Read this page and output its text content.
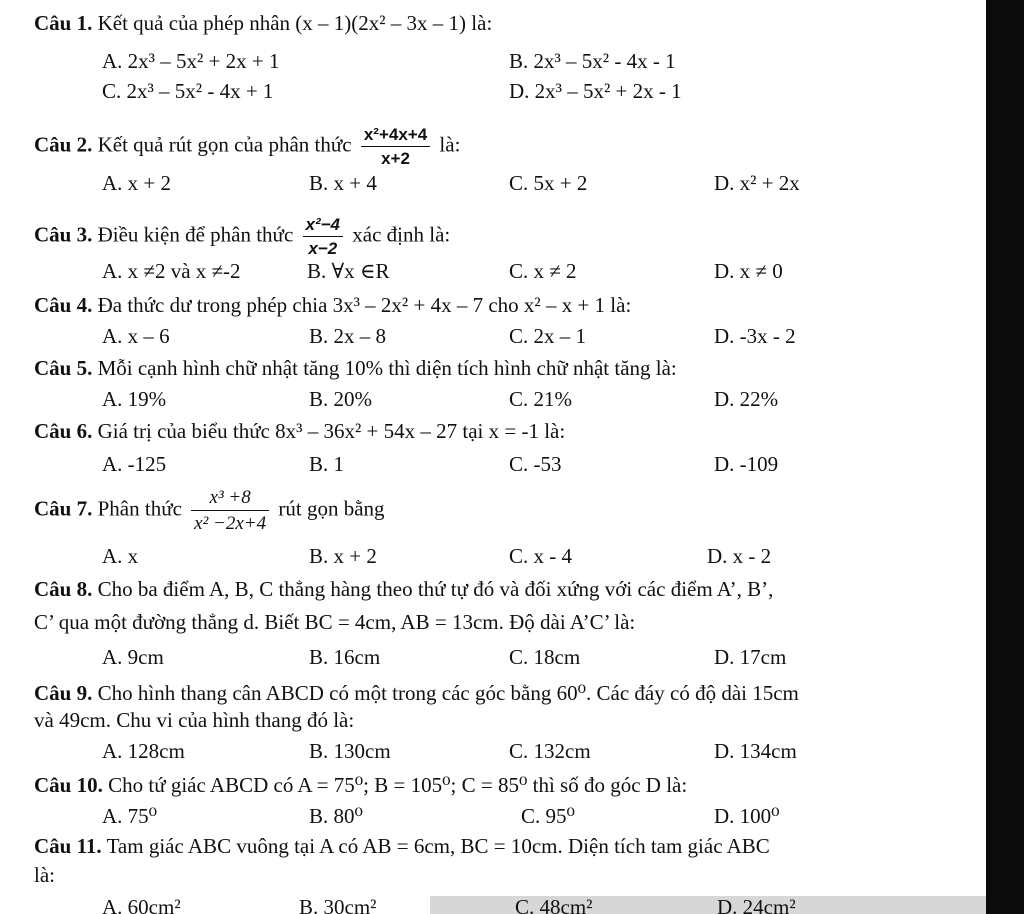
Câu 1. Kết quả của phép nhân (x – 1)(2x² – 3x – 1) là:
A. 2x³ – 5x² + 2x + 1	B. 2x³ – 5x² - 4x - 1
C. 2x³ – 5x² - 4x + 1	D. 2x³ – 5x² + 2x - 1
Câu 2. Kết quả rút gọn của phân thức $\frac{\text{x²+4x+4}}{x+2}$ là:
A. x + 2	B. x + 4	C. 5x + 2	D. x² + 2x
Câu 3. Điều kiện để phân thức $\frac{\text{x²−4}}{x-2}$ xác định là:
A. x ≠2 và x ≠-2	B. ∀x ∈R	C. x ≠ 2	D. x ≠ 0
Câu 4. Đa thức dư trong phép chia 3x³ – 2x² + 4x – 7 cho x² – x + 1 là:
A. x – 6	B. 2x – 8	C. 2x – 1	D. -3x - 2
Câu 5. Mỗi cạnh hình chữ nhật tăng 10% thì diện tích hình chữ nhật tăng là:
A. 19%	B. 20%	C. 21%	D. 22%
Câu 6. Giá trị của biểu thức 8x³ – 36x² + 54x – 27 tại x = -1 là:
A. -125	B. 1	C. -53	D. -109
Câu 7. Phân thức $\frac{\text{x³ +8}}{\text{x² −2x+4}}$ rút gọn bằng
A. x	B. x + 2	C. x - 4	D. x - 2
Câu 8. Cho ba điểm A, B, C thẳng hàng theo thứ tự đó và đối xứng với các điểm A’, B’,
C’ qua một đường thẳng d. Biết BC = 4cm, AB = 13cm. Độ dài A’C’ là:
A. 9cm	B. 16cm	C. 18cm	D. 17cm
Câu 9. Cho hình thang cân ABCD có một trong các góc bằng 60⁰. Các đáy có độ dài 15cm
và 49cm. Chu vi của hình thang đó là:
A. 128cm	B. 130cm	C. 132cm	D. 134cm
Câu 10. Cho tứ giác ABCD có A = 75⁰; B = 105⁰; C = 85⁰ thì số đo góc D là:
A. 75⁰	B. 80⁰	C. 95⁰	D. 100⁰
Câu 11. Tam giác ABC vuông tại A có AB = 6cm, BC = 10cm. Diện tích tam giác ABC
là:
A. 60cm²	B. 30cm²	C. 48cm²	D. 24cm²
